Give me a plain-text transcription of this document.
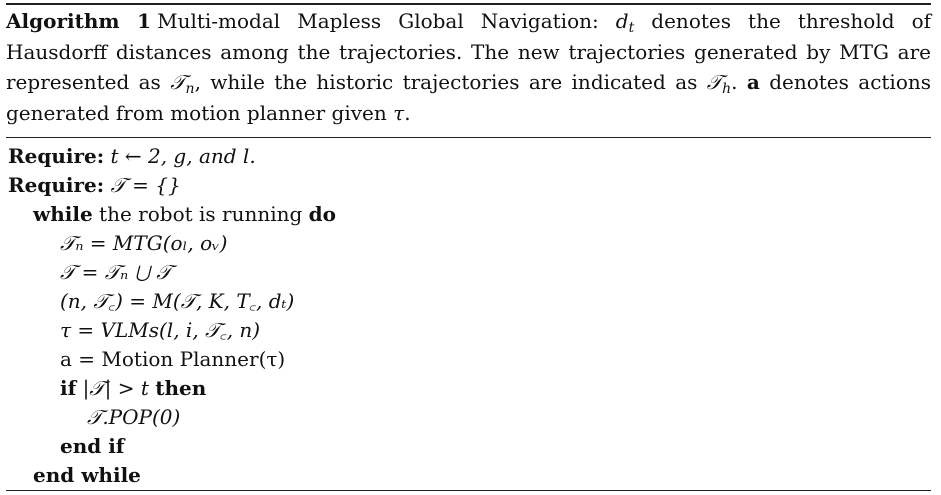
Algorithm 1 Multi-modal Mapless Global Navigation: $d_t$ denotes the threshold of Hausdorff distances among the trajectories. The new trajectories generated by MTG are represented as 𝒯$_n$, while the historic trajectories are indicated as 𝒯$_h$. a denotes actions generated from motion planner given τ.
Require: t ← 2, g, and l.
Require: 𝒯 = {}
while the robot is running do
𝒯ₙ = MTG(oₗ, oᵥ)
𝒯 = 𝒯ₙ ⋃ 𝒯
(n, 𝒯꜀) = M(𝒯, K, T꜀, dₜ)
τ = VLMs(l, i, 𝒯꜀, n)
a = Motion Planner(τ)
if |𝒯| > t then
𝒯.POP(0)
end if
end while
